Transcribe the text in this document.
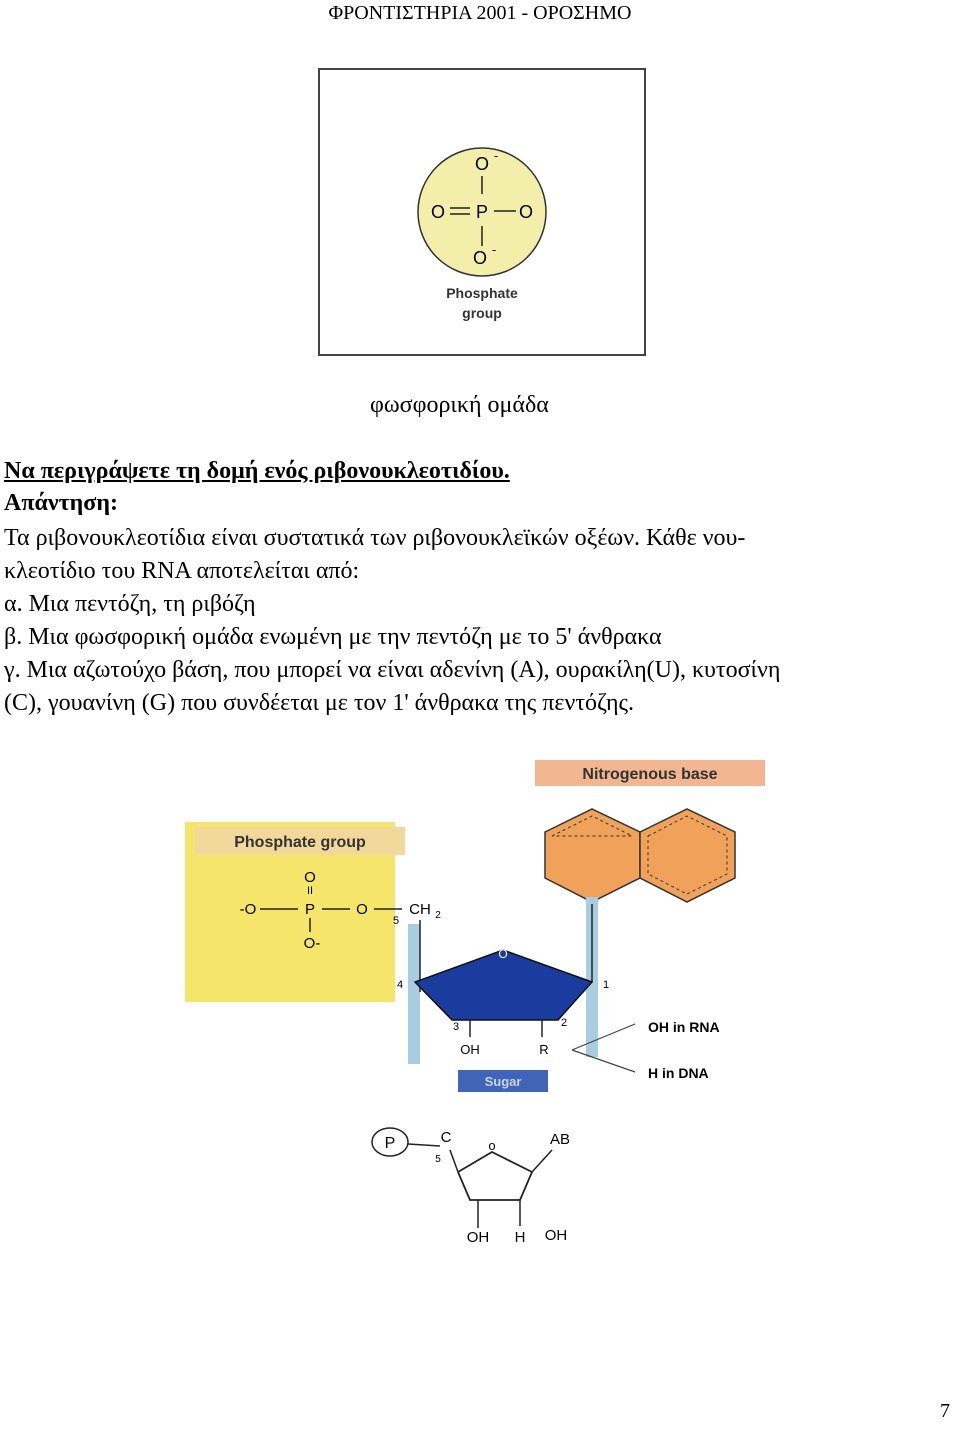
ΦΡΟΝΤΙΣΤΗΡΙΑ 2001 - ΟΡΟΣΗΜΟ
O -
O P O
O -
Phosphate
group
φωσφορική ομάδα
Να περιγράψετε τη δομή ενός ριβονουκλεοτιδίου.
Απάντηση:
Τα ριβονουκλεοτίδια είναι συστατικά των ριβονουκλεϊκών οξέων. Κάθε νου-
κλεοτίδιο του RNA αποτελείται από:
α. Μια πεντόζη, τη ριβόζη
β. Μια φωσφορική ομάδα ενωμένη με την πεντόζη με το 5' άνθρακα
γ. Μια αζωτούχο βάση, που μπορεί να είναι αδενίνη (A), ουρακίλη(U), κυτοσίνη
(C), γουανίνη (G) που συνδέεται με τον 1' άνθρακα της πεντόζης.
Nitrogenous base
Phosphate group
O
II
-O	P	O	CH 2
O-
5
O
4	1
3	2
OH	R
OH in RNA
H in DNA
Sugar
P	C
5
o	AB
OH H OH
7
